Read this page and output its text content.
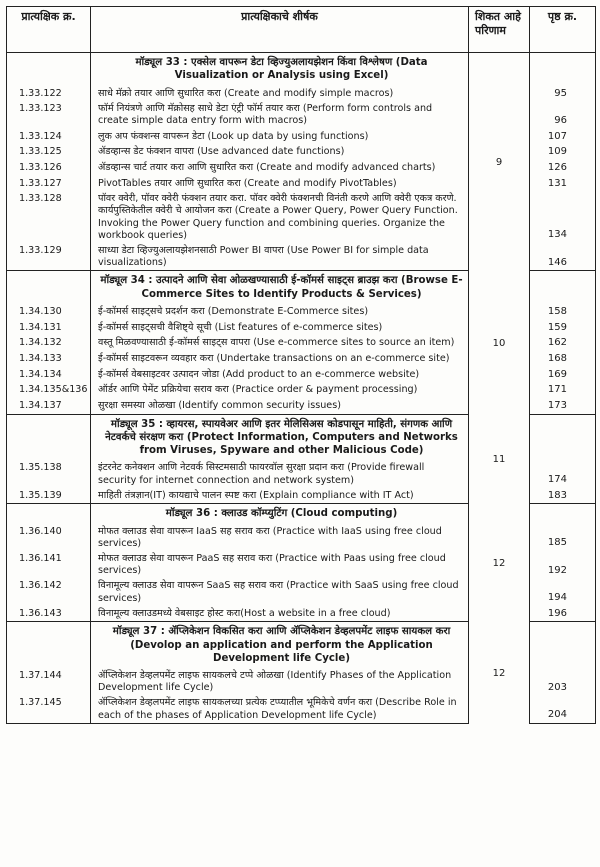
प्रात्यक्षिक क्र.	प्रात्यक्षिकाचे शीर्षक	शिकत आहे परिणाम	पृष्ठ क्र.

	मॉड्यूल 33 : एक्सेल वापरून डेटा व्हिज्युअलायझेशन किंवा विश्लेषण (Data Visualization or Analysis using Excel)	9	
1.33.122	साधे मॅक्रो तयार आणि सुधारित करा (Create and modify simple macros)		95
1.33.123	फॉर्म नियंत्रणे आणि मॅक्रोसह साधे डेटा एंट्री फॉर्म तयार करा (Perform form controls and create simple data entry form with macros)		96
1.33.124	लुक अप फंक्शन्स वापरून डेटा (Look up data by using functions)		107
1.33.125	ॲडव्हान्स डेट फंक्शन वापरा (Use advanced date functions)		109
1.33.126	ॲडव्हान्स चार्ट तयार करा आणि सुधारित करा (Create and modify advanced charts)		126
1.33.127	PivotTables तयार आणि सुधारित करा (Create and modify PivotTables)		131
1.33.128	पॉवर क्वेरी, पॉवर क्वेरी फंक्शन तयार करा. पॉवर क्वेरी फंक्शनची विनंती करणे आणि क्वेरी एकत्र करणे. कार्यपुस्तिकेतील क्वेरी चे आयोजन करा (Create a Power Query, Power Query Function. Invoking the Power Query function and combining queries. Organize the workbook queries)		134
1.33.129	साध्या डेटा व्हिज्युअलायझेशनसाठी Power BI वापरा (Use Power BI for simple data visualizations)		146

	मॉड्यूल 34 : उत्पादने आणि सेवा ओळखण्यासाठी ई-कॉमर्स साइट्स ब्राउझ करा (Browse E-Commerce Sites to Identify Products & Services)	10	
1.34.130	ई-कॉमर्स साइट्सचे प्रदर्शन करा (Demonstrate E-Commerce sites)		158
1.34.131	ई-कॉमर्स साइट्सची वैशिष्ट्ये सूची (List features of e-commerce sites)		159
1.34.132	वस्तू मिळवण्यासाठी ई-कॉमर्स साइट्स वापरा (Use e-commerce sites to source an item)		162
1.34.133	ई-कॉमर्स साइटवरून व्यवहार करा (Undertake transactions on an e-commerce site)		168
1.34.134	ई-कॉमर्स वेबसाइटवर उत्पादन जोडा (Add product to an e-commerce website)		169
1.34.135&136	ऑर्डर आणि पेमेंट प्रक्रियेचा सराव करा (Practice order & payment processing)		171
1.34.137	सुरक्षा समस्या ओळखा (Identify common security issues)		173

	मॉड्यूल 35 : व्हायरस, स्पायवेअर आणि इतर मेलिसिअस कोडपासून माहिती, संगणक आणि नेटवर्कचे संरक्षण करा (Protect Information, Computers and Networks from Viruses, Spyware and other Malicious Code)	11	
1.35.138	इंटरनेट कनेक्शन आणि नेटवर्क सिस्टमसाठी फायरवॉल सुरक्षा प्रदान करा (Provide firewall security for internet connection and network system)		174
1.35.139	माहिती तंत्रज्ञान(IT) कायद्याचे पालन स्पष्ट करा (Explain compliance with IT Act)		183

	मॉड्यूल 36 : क्लाउड कॉम्प्युटिंग (Cloud computing)	12	
1.36.140	मोफत क्लाउड सेवा वापरून IaaS सह सराव करा (Practice with IaaS using free cloud services)		185
1.36.141	मोफत क्लाउड सेवा वापरून PaaS सह सराव करा (Practice with Paas using free cloud services)		192
1.36.142	विनामूल्य क्लाउड सेवा वापरून SaaS सह सराव करा (Practice with SaaS using free cloud services)		194
1.36.143	विनामूल्य क्लाउडमध्ये वेबसाइट होस्ट करा(Host a website in a free cloud)		196

	मॉड्यूल 37 : ॲप्लिकेशन विकसित करा आणि ॲप्लिकेशन डेव्हलपमेंट लाइफ सायकल करा (Devolop an application and perform the Application Development life Cycle)	12	
1.37.144	ॲप्लिकेशन डेव्हलपमेंट लाइफ सायकलचे टप्पे ओळखा (Identify Phases of the Application Development life Cycle)		203
1.37.145	ॲप्लिकेशन डेव्हलपमेंट लाइफ सायकलच्या प्रत्येक टप्प्यातील भूमिकेचे वर्णन करा (Describe Role in each of the phases of Application Development life Cycle)		204
